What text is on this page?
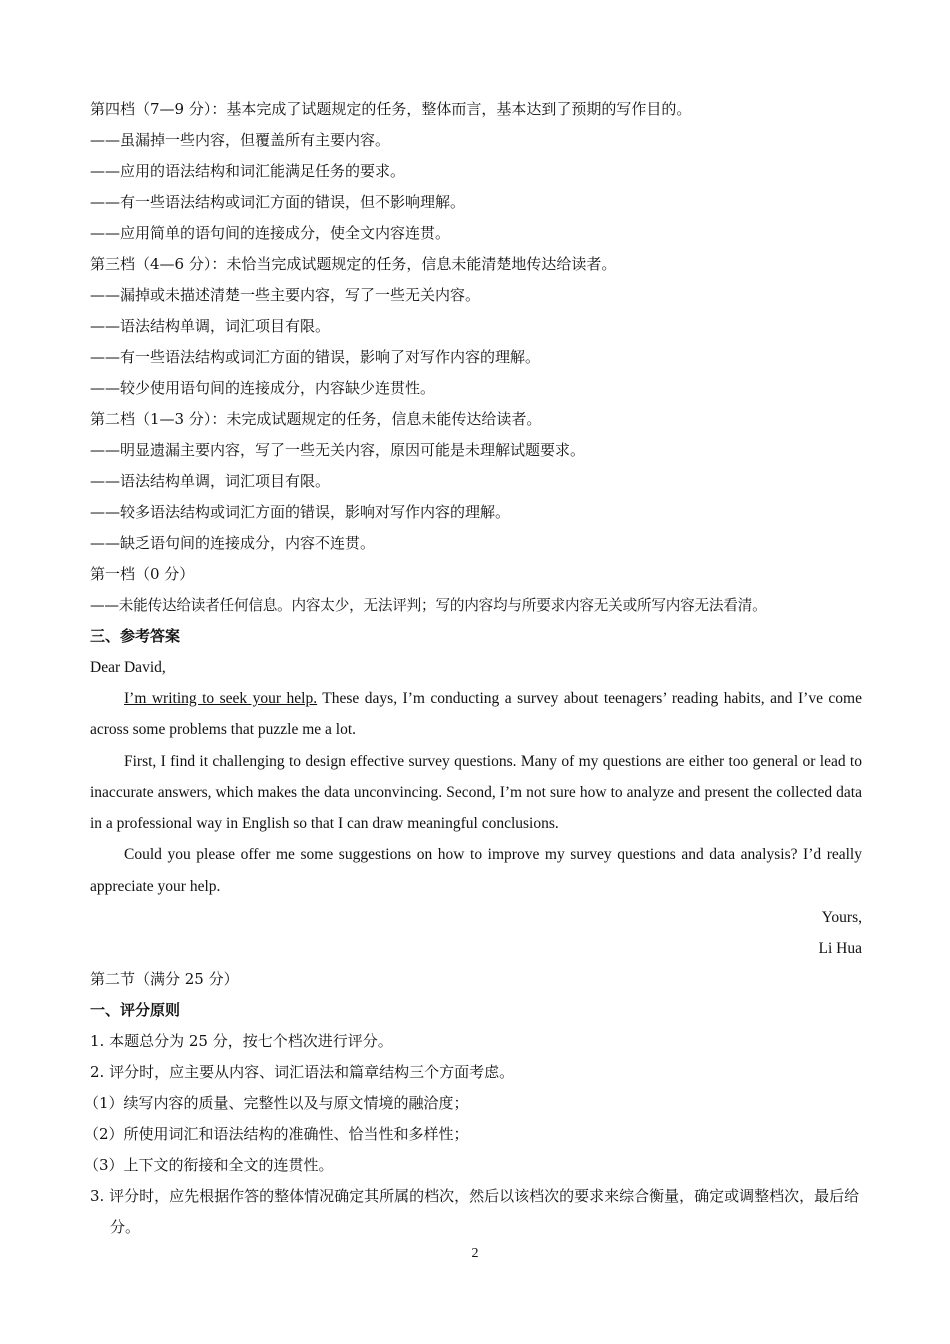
第四档（7—9 分）：基本完成了试题规定的任务，整体而言，基本达到了预期的写作目的。
——虽漏掉一些内容，但覆盖所有主要内容。
——应用的语法结构和词汇能满足任务的要求。
——有一些语法结构或词汇方面的错误，但不影响理解。
——应用简单的语句间的连接成分，使全文内容连贯。
第三档（4—6 分）：未恰当完成试题规定的任务，信息未能清楚地传达给读者。
——漏掉或未描述清楚一些主要内容，写了一些无关内容。
——语法结构单调，词汇项目有限。
——有一些语法结构或词汇方面的错误，影响了对写作内容的理解。
——较少使用语句间的连接成分，内容缺少连贯性。
第二档（1—3 分）：未完成试题规定的任务，信息未能传达给读者。
——明显遗漏主要内容，写了一些无关内容，原因可能是未理解试题要求。
——语法结构单调，词汇项目有限。
——较多语法结构或词汇方面的错误，影响对写作内容的理解。
——缺乏语句间的连接成分，内容不连贯。
第一档（0 分）
——未能传达给读者任何信息。内容太少，无法评判；写的内容均与所要求内容无关或所写内容无法看清。
三、参考答案
Dear David,
I’m writing to seek your help. These days, I’m conducting a survey about teenagers’ reading habits, and I’ve come across some problems that puzzle me a lot.
First, I find it challenging to design effective survey questions. Many of my questions are either too general or lead to inaccurate answers, which makes the data unconvincing. Second, I’m not sure how to analyze and present the collected data in a professional way in English so that I can draw meaningful conclusions.
Could you please offer me some suggestions on how to improve my survey questions and data analysis? I’d really appreciate your help.
Yours,
Li Hua
第二节（满分 25 分）
一、评分原则
1. 本题总分为 25 分，按七个档次进行评分。
2. 评分时，应主要从内容、词汇语法和篇章结构三个方面考虑。
（1）续写内容的质量、完整性以及与原文情境的融洽度；
（2）所使用词汇和语法结构的准确性、恰当性和多样性；
（3）上下文的衔接和全文的连贯性。
3. 评分时，应先根据作答的整体情况确定其所属的档次，然后以该档次的要求来综合衡量，确定或调整档次，最后给分。
2
